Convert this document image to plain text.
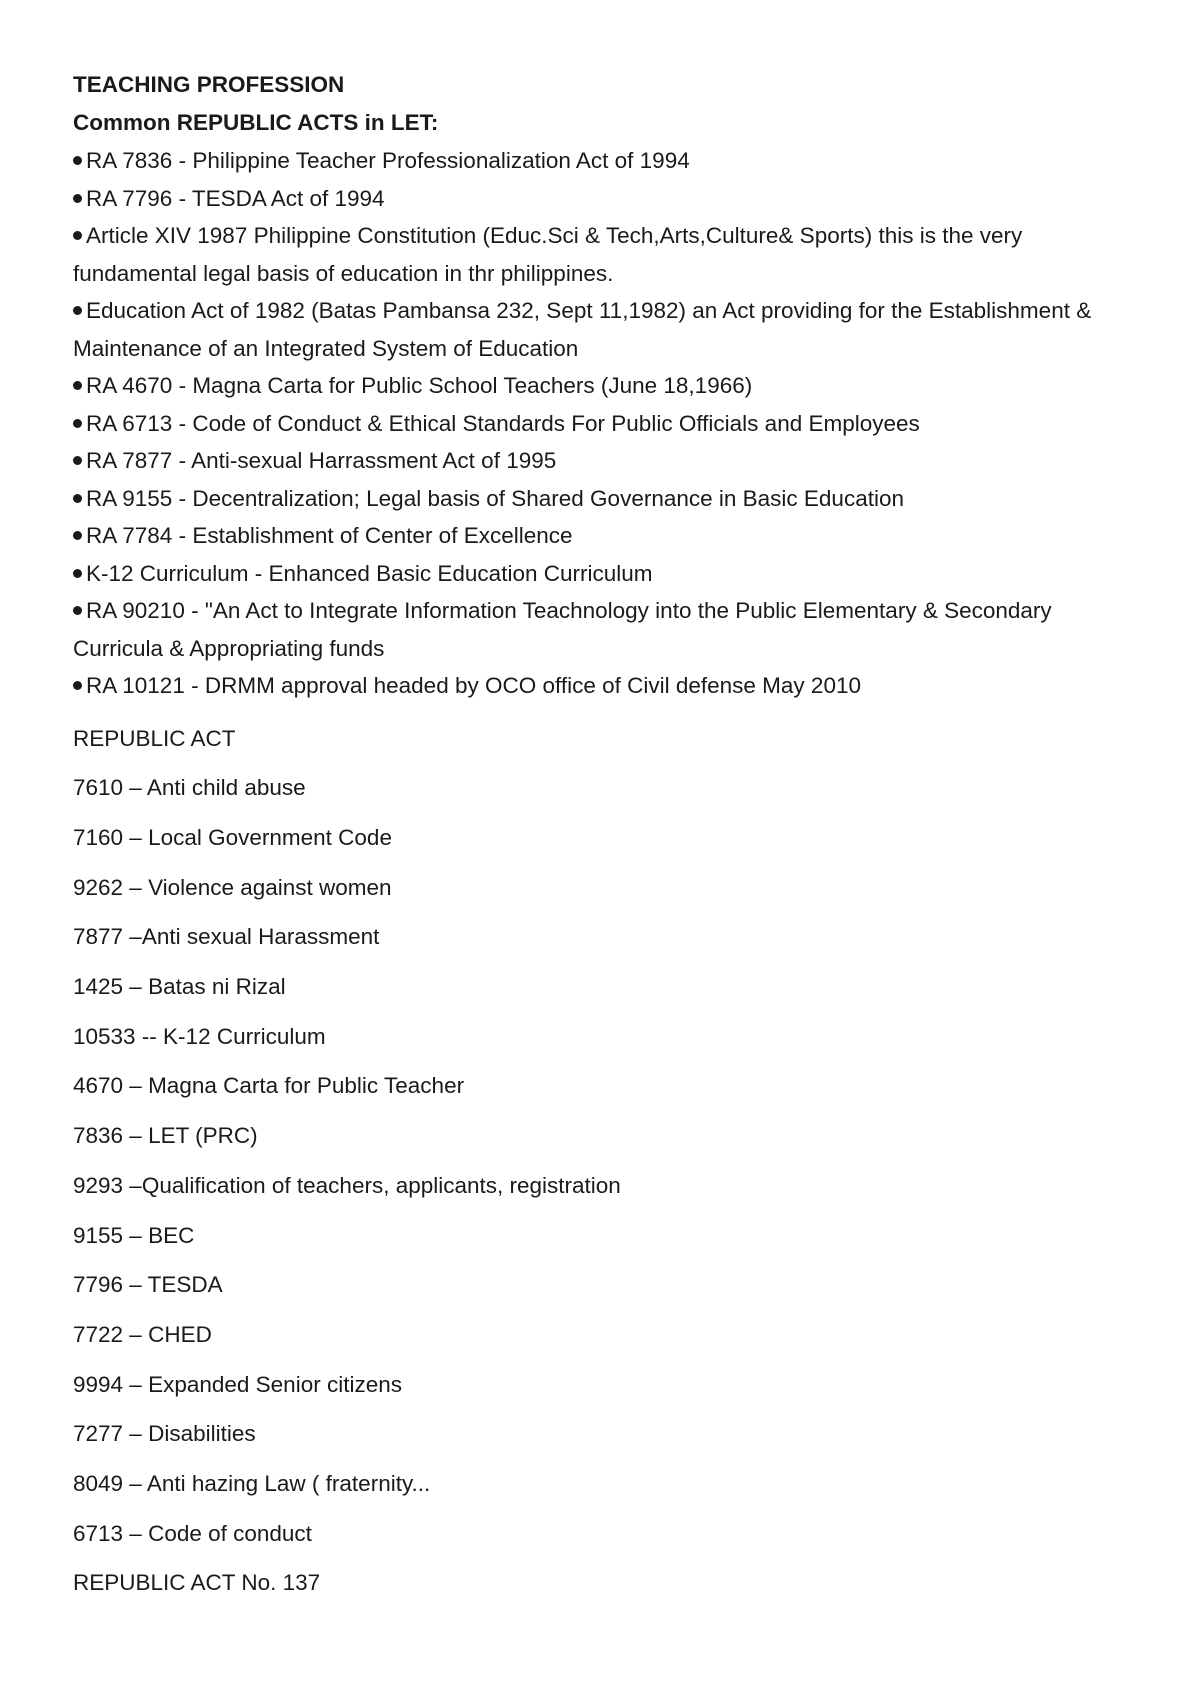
TEACHING PROFESSION

Common REPUBLIC ACTS in LET:

RA 7836 - Philippine Teacher Professionalization Act of 1994
RA 7796 - TESDA Act of 1994
Article XIV 1987 Philippine Constitution (Educ.Sci & Tech,Arts,Culture& Sports) this is the very fundamental legal basis of education in thr philippines.
Education Act of 1982 (Batas Pambansa 232, Sept 11,1982) an Act providing for the Establishment & Maintenance of an Integrated System of Education
RA 4670 - Magna Carta for Public School Teachers (June 18,1966)
RA 6713 - Code of Conduct & Ethical Standards For Public Officials and Employees
RA 7877 - Anti-sexual Harrassment Act of 1995
RA 9155 - Decentralization; Legal basis of Shared Governance in Basic Education
RA 7784 - Establishment of Center of Excellence
K-12 Curriculum - Enhanced Basic Education Curriculum
RA 90210 - "An Act to Integrate Information Teachnology into the Public Elementary & Secondary Curricula & Appropriating funds
RA 10121 - DRMM approval headed by OCO office of Civil defense May 2010

REPUBLIC ACT

7610 – Anti child abuse

7160 – Local Government Code

9262 – Violence against women

7877 –Anti sexual Harassment

1425 – Batas ni Rizal

10533 -- K-12 Curriculum

4670 – Magna Carta for Public Teacher

7836 – LET (PRC)

9293 –Qualification of teachers, applicants, registration

9155 – BEC

7796 – TESDA

7722 – CHED

9994 – Expanded Senior citizens

7277 – Disabilities

8049 – Anti hazing Law ( fraternity...

6713 – Code of conduct

REPUBLIC ACT No. 137
